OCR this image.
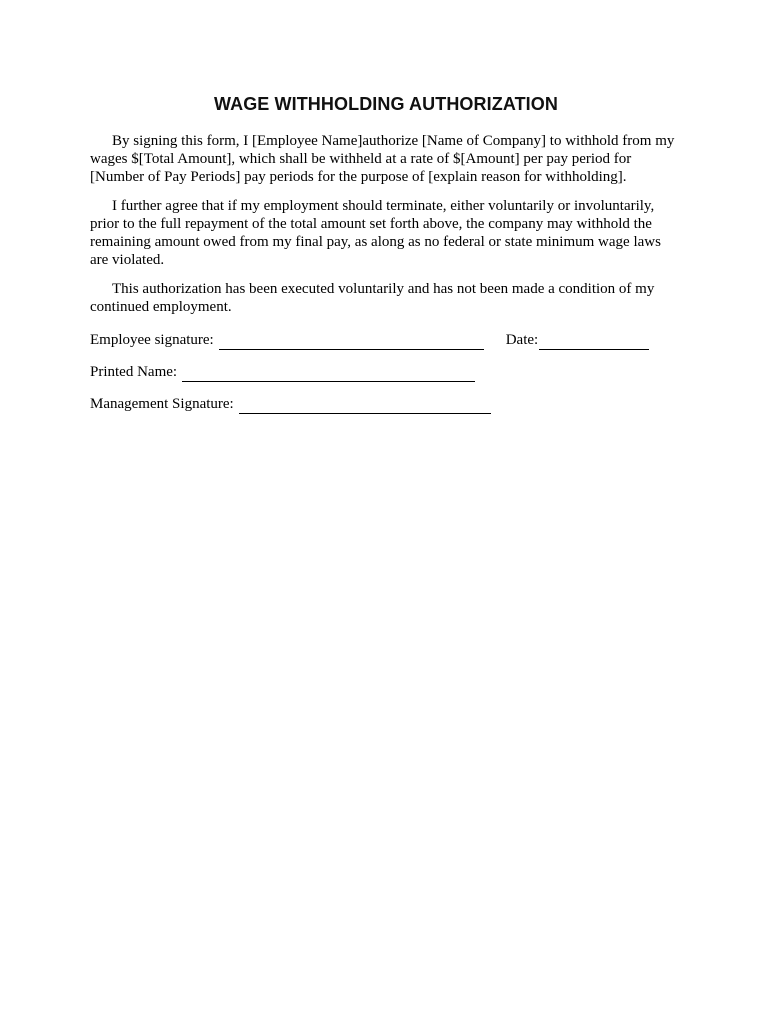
WAGE WITHHOLDING AUTHORIZATION

By signing this form, I [Employee Name]authorize [Name of Company] to withhold from my wages $[Total Amount], which shall be withheld at a rate of $[Amount] per pay period for [Number of Pay Periods] pay periods for the purpose of [explain reason for withholding].

I further agree that if my employment should terminate, either voluntarily or involuntarily, prior to the full repayment of the total amount set forth above, the company may withhold the remaining amount owed from my final pay, as along as no federal or state minimum wage laws are violated.

This authorization has been executed voluntarily and has not been made a condition of my continued employment.

Employee signature:	Date:
Printed Name:
Management Signature:
